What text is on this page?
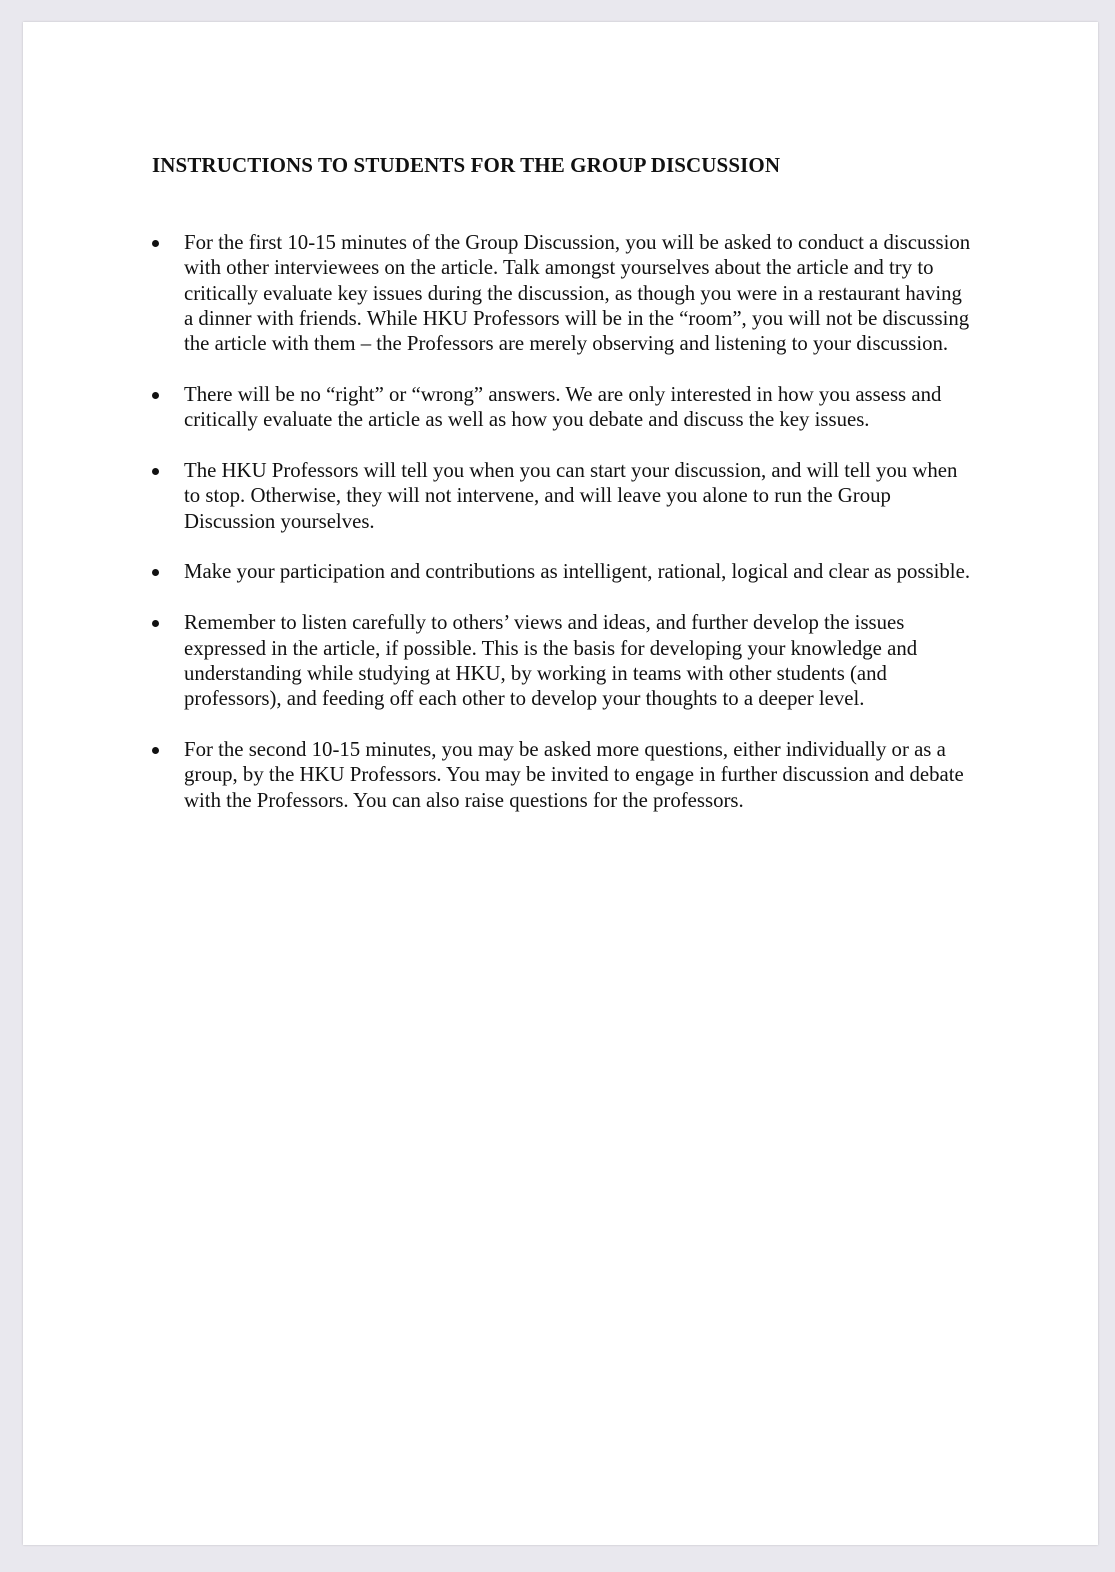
INSTRUCTIONS TO STUDENTS FOR THE GROUP DISCUSSION
For the first 10-15 minutes of the Group Discussion, you will be asked to conduct a discussion with other interviewees on the article. Talk amongst yourselves about the article and try to critically evaluate key issues during the discussion, as though you were in a restaurant having a dinner with friends. While HKU Professors will be in the “room”, you will not be discussing the article with them – the Professors are merely observing and listening to your discussion.
There will be no “right” or “wrong” answers. We are only interested in how you assess and critically evaluate the article as well as how you debate and discuss the key issues.
The HKU Professors will tell you when you can start your discussion, and will tell you when to stop. Otherwise, they will not intervene, and will leave you alone to run the Group Discussion yourselves.
Make your participation and contributions as intelligent, rational, logical and clear as possible.
Remember to listen carefully to others’ views and ideas, and further develop the issues expressed in the article, if possible. This is the basis for developing your knowledge and understanding while studying at HKU, by working in teams with other students (and professors), and feeding off each other to develop your thoughts to a deeper level.
For the second 10-15 minutes, you may be asked more questions, either individually or as a group, by the HKU Professors. You may be invited to engage in further discussion and debate with the Professors. You can also raise questions for the professors.
